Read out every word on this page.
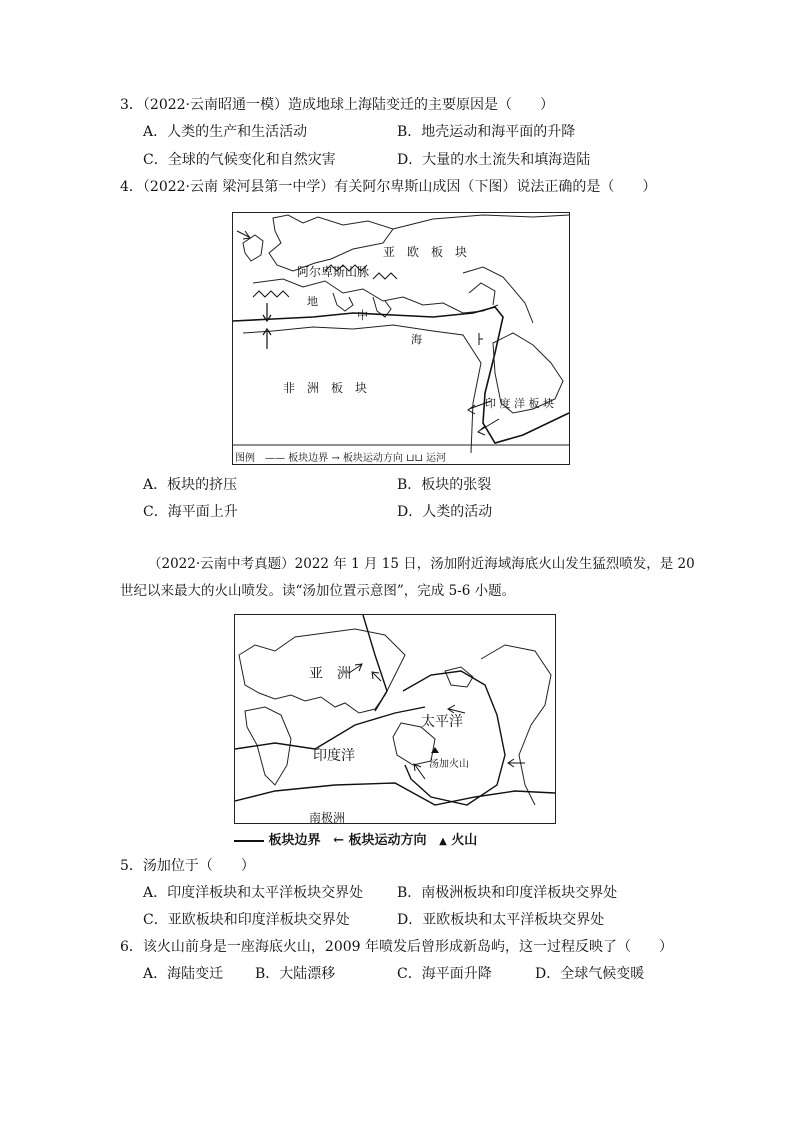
3．（2022·云南昭通一模）造成地球上海陆变迁的主要原因是（　　）
A．人类的生产和生活活动	B．地壳运动和海平面的升降
C．全球的气候变化和自然灾害	D．大量的水土流失和填海造陆
4．（2022·云南 梁河县第一中学）有关阿尔卑斯山成因（下图）说法正确的是（　　）
亚　欧　板　块
阿尔卑斯山脉
地
中
海
非　洲　板　块
印 度 洋 板 块
图例　—— 板块边界 → 板块运动方向 ⊔⊔ 运河
A．板块的挤压	B．板块的张裂
C．海平面上升	D．人类的活动
（2022·云南中考真题）2022 年 1 月 15 日，汤加附近海域海底火山发生猛烈喷发，是 20
世纪以来最大的火山喷发。读“汤加位置示意图”，完成 5-6 小题。
亚　洲
太平洋
印度洋
汤加火山
南极洲
板块边界 ← 板块运动方向 ▲ 火山
5．汤加位于（　　）
A．印度洋板块和太平洋板块交界处 B．南极洲板块和印度洋板块交界处
C．亚欧板块和印度洋板块交界处	D．亚欧板块和太平洋板块交界处
6．该火山前身是一座海底火山，2009 年喷发后曾形成新岛屿，这一过程反映了（　　）
A．海陆变迁 B．大陆漂移	C．海平面升降	D．全球气候变暖
